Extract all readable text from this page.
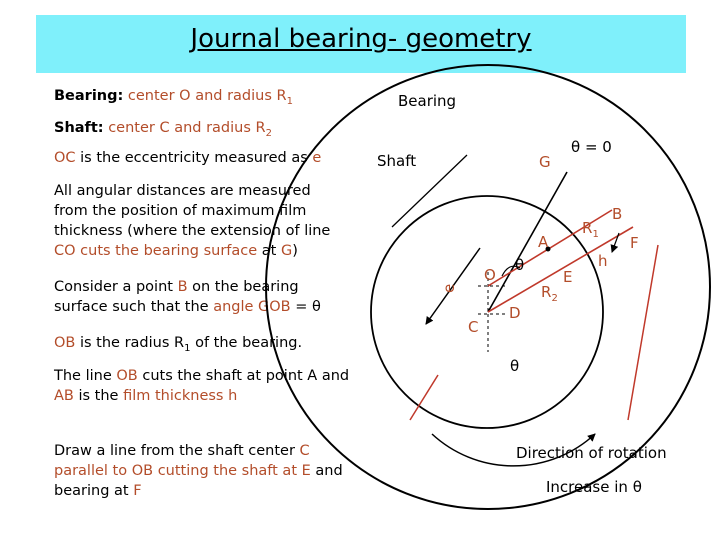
Journal bearing- geometry
Bearing: center O and radius $R_1$
Shaft: center C and radius $R_2$
OC is the eccentricity measured as e
All angular distances are measured
from the position of maximum film
thickness (where the extension of line
CO cuts the bearing surface at G)
Consider a point B on the bearing
surface such that the angle GOB = θ
OB is the radius $R_1$ of the bearing.
The line OB cuts the shaft at point A and
AB is the film thickness h
Draw a line from the shaft center C
parallel to OB cutting the shaft at E and
bearing at F
Bearing
Shaft	G
θ = 0
B
$R_1$
A	F
h
E
$R_2$
O
θ
e
C
D
θ
Direction of rotation
Increase in θ
